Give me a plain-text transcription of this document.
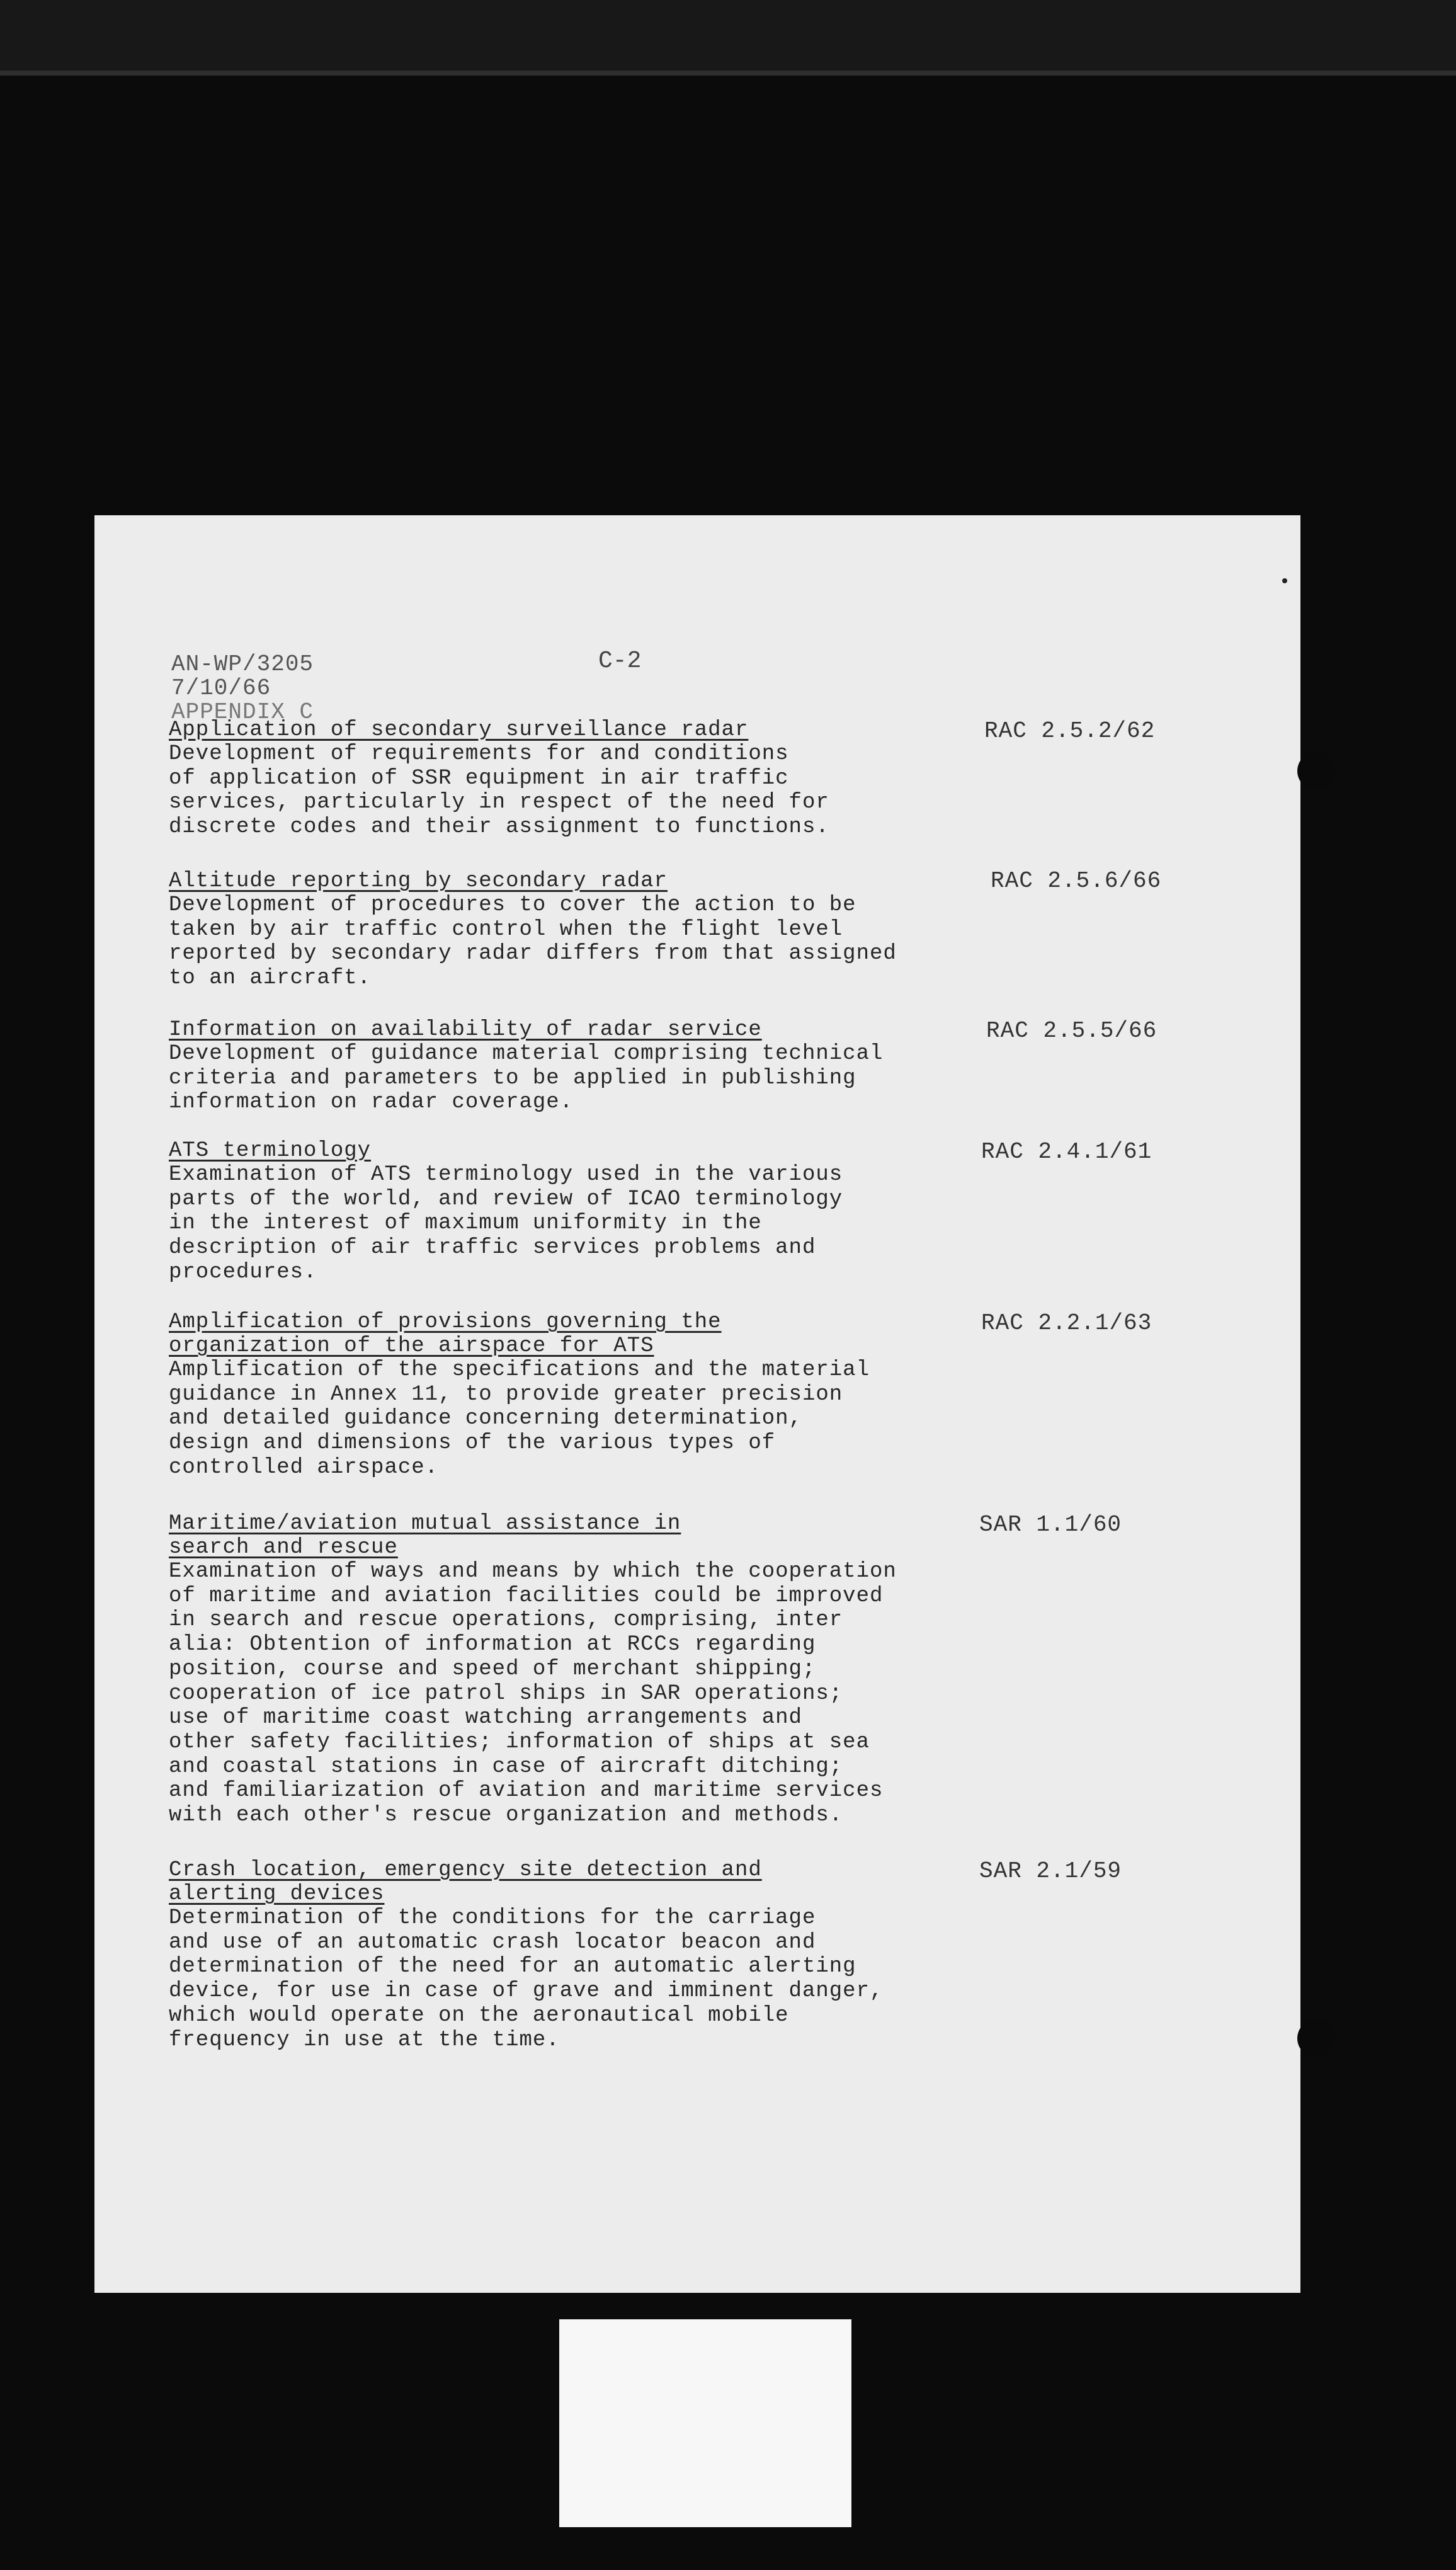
AN-WP/3205
7/10/66
APPENDIX C
C-2
Application of secondary surveillance radar
Development of requirements for and conditions
of application of SSR equipment in air traffic
services, particularly in respect of the need for
discrete codes and their assignment to functions.
RAC 2.5.2/62
Altitude reporting by secondary radar
Development of procedures to cover the action to be
taken by air traffic control when the flight level
reported by secondary radar differs from that assigned
to an aircraft.
RAC 2.5.6/66
Information on availability of radar service
Development of guidance material comprising technical
criteria and parameters to be applied in publishing
information on radar coverage.
RAC 2.5.5/66
ATS terminology
Examination of ATS terminology used in the various
parts of the world, and review of ICAO terminology
in the interest of maximum uniformity in the
description of air traffic services problems and
procedures.
RAC 2.4.1/61
Amplification of provisions governing the
organization of the airspace for ATS
Amplification of the specifications and the material
guidance in Annex 11, to provide greater precision
and detailed guidance concerning determination,
design and dimensions of the various types of
controlled airspace.
RAC 2.2.1/63
Maritime/aviation mutual assistance in
search and rescue
Examination of ways and means by which the cooperation
of maritime and aviation facilities could be improved
in search and rescue operations, comprising, inter
alia: Obtention of information at RCCs regarding
position, course and speed of merchant shipping;
cooperation of ice patrol ships in SAR operations;
use of maritime coast watching arrangements and
other safety facilities; information of ships at sea
and coastal stations in case of aircraft ditching;
and familiarization of aviation and maritime services
with each other's rescue organization and methods.
SAR 1.1/60
Crash location, emergency site detection and
alerting devices
Determination of the conditions for the carriage
and use of an automatic crash locator beacon and
determination of the need for an automatic alerting
device, for use in case of grave and imminent danger,
which would operate on the aeronautical mobile
frequency in use at the time.
SAR 2.1/59
